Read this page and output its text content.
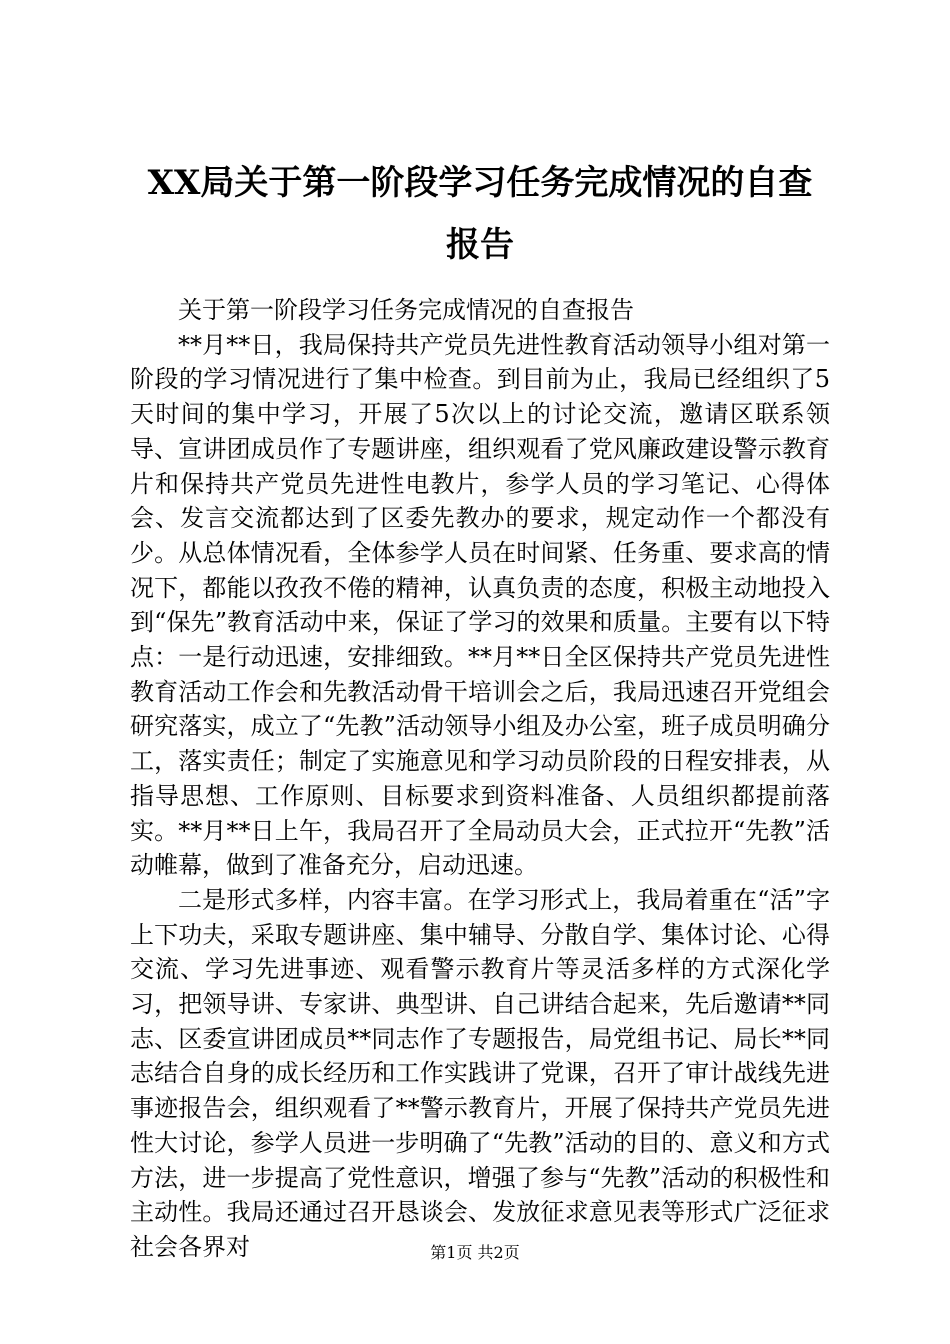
XX局关于第一阶段学习任务完成情况的自查
报告

关于第一阶段学习任务完成情况的自查报告

**月**日，我局保持共产党员先进性教育活动领导小组对第一阶段的学习情况进行了集中检查。到目前为止，我局已经组织了5天时间的集中学习，开展了5次以上的讨论交流，邀请区联系领导、宣讲团成员作了专题讲座，组织观看了党风廉政建设警示教育片和保持共产党员先进性电教片，参学人员的学习笔记、心得体会、发言交流都达到了区委先教办的要求，规定动作一个都没有少。从总体情况看，全体参学人员在时间紧、任务重、要求高的情况下，都能以孜孜不倦的精神，认真负责的态度，积极主动地投入到“保先”教育活动中来，保证了学习的效果和质量。主要有以下特点：一是行动迅速，安排细致。**月**日全区保持共产党员先进性教育活动工作会和先教活动骨干培训会之后，我局迅速召开党组会研究落实，成立了“先教”活动领导小组及办公室，班子成员明确分工，落实责任；制定了实施意见和学习动员阶段的日程安排表，从指导思想、工作原则、目标要求到资料准备、人员组织都提前落实。**月**日上午，我局召开了全局动员大会，正式拉开“先教”活动帷幕，做到了准备充分，启动迅速。

二是形式多样，内容丰富。在学习形式上，我局着重在“活”字上下功夫，采取专题讲座、集中辅导、分散自学、集体讨论、心得交流、学习先进事迹、观看警示教育片等灵活多样的方式深化学习，把领导讲、专家讲、典型讲、自己讲结合起来，先后邀请**同志、区委宣讲团成员**同志作了专题报告，局党组书记、局长**同志结合自身的成长经历和工作实践讲了党课，召开了审计战线先进事迹报告会，组织观看了**警示教育片，开展了保持共产党员先进性大讨论，参学人员进一步明确了“先教”活动的目的、意义和方式方法，进一步提高了党性意识，增强了参与“先教”活动的积极性和主动性。我局还通过召开恳谈会、发放征求意见表等形式广泛征求社会各界对	第1页 共2页
